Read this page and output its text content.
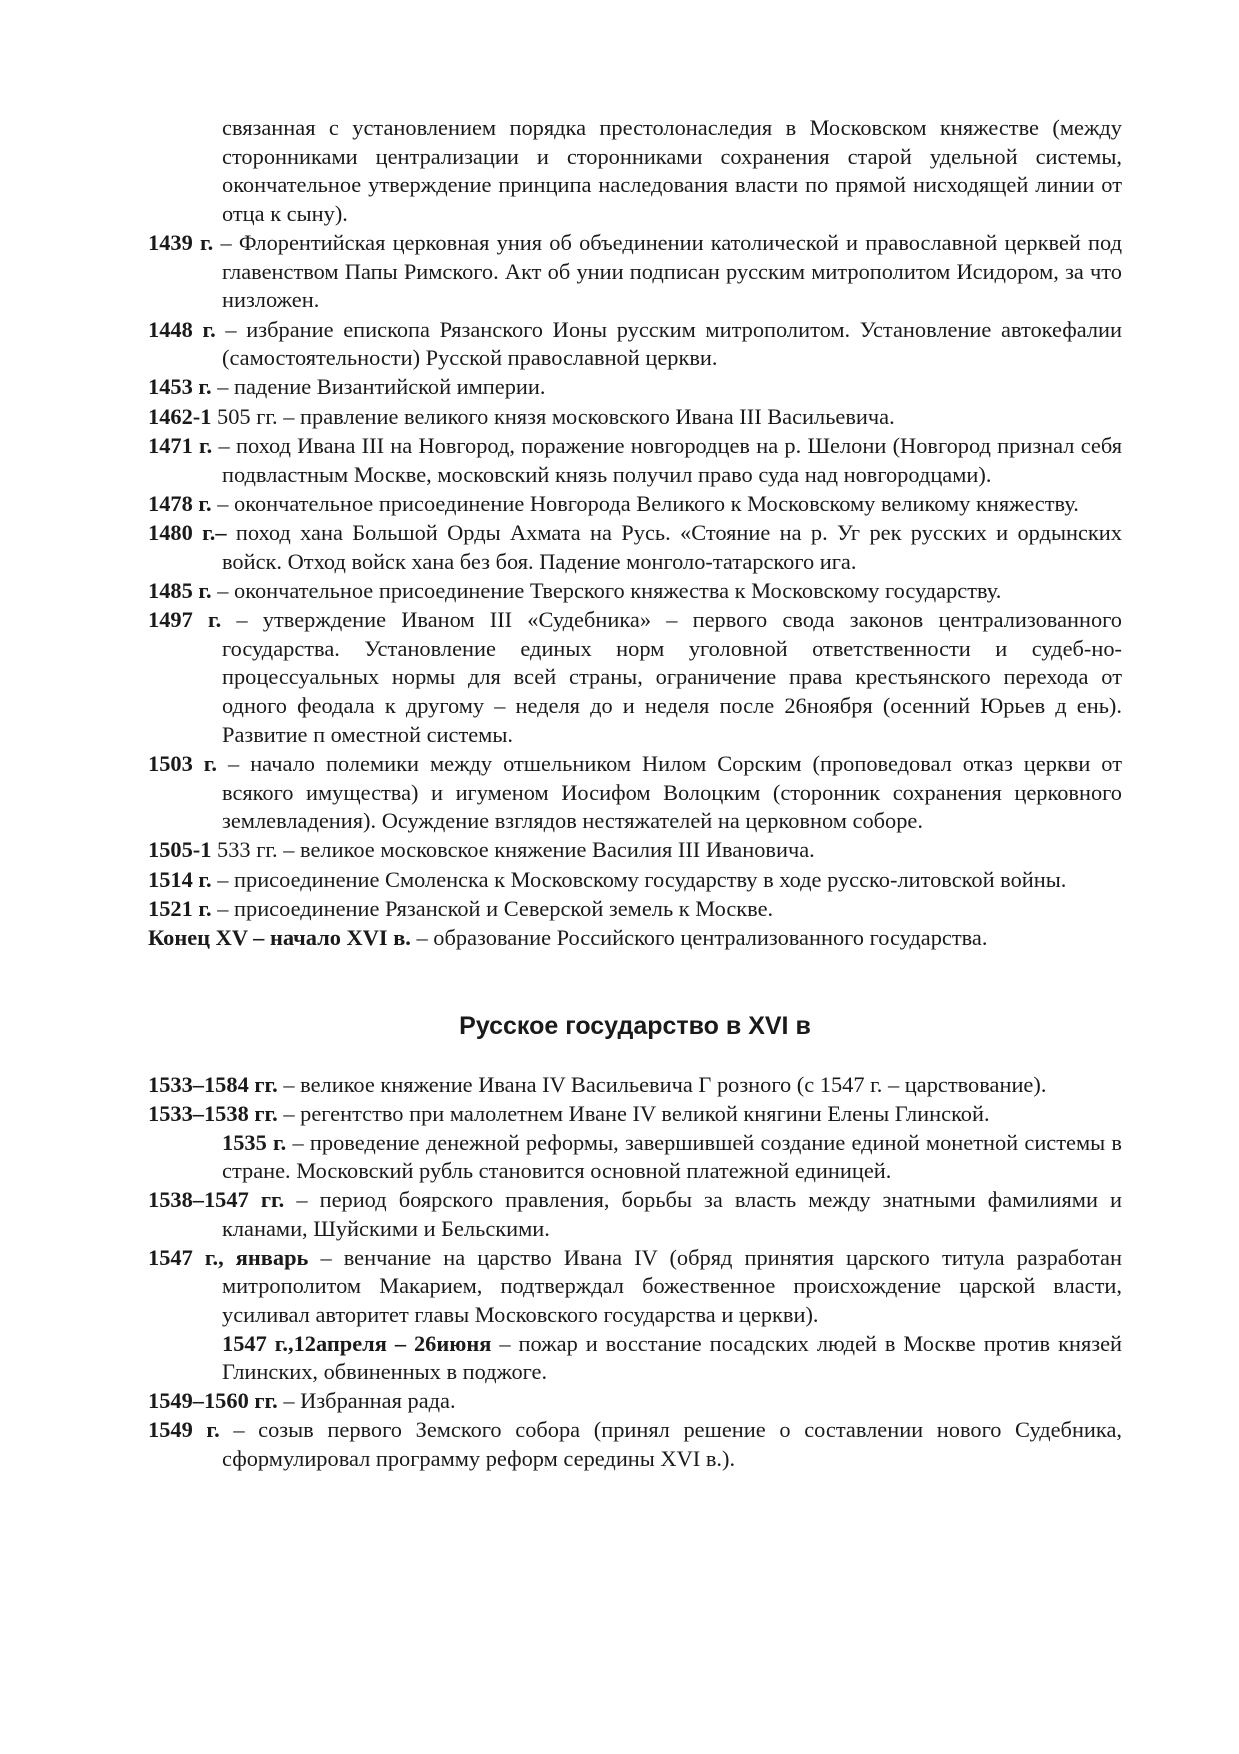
связанная с установлением порядка престолонаследия в Московском княжестве (между сторонниками централизации и сторонниками сохранения старой удельной системы, окончательное утверждение принципа наследования власти по прямой нисходящей линии от отца к сыну).

1439 г. – Флорентийская церковная уния об объединении католической и православной церквей под главенством Папы Римского. Акт об унии подписан русским митрополитом Исидором, за что низложен.

1448 г. – избрание епископа Рязанского Ионы русским митрополитом. Установление автокефалии (самостоятельности) Русской православной церкви.

1453 г. – падение Византийской империи.

1462-1 505 гг. – правление великого князя московского Ивана III Васильевича.

1471 г. – поход Ивана III на Новгород, поражение новгородцев на р. Шелони (Новгород признал себя подвластным Москве, московский князь получил право суда над новгородцами).

1478 г. – окончательное присоединение Новгорода Великого к Московскому великому княжеству.

1480 г.– поход хана Большой Орды Ахмата на Русь. «Стояние на р. Уг рек русских и ордынских войск. Отход войск хана без боя. Падение монголо-татарского ига.

1485 г. – окончательное присоединение Тверского княжества к Московскому государству.

1497 г. – утверждение Иваном III «Судебника» – первого свода законов централизованного государства. Установление единых норм уголовной ответственности и судеб-но-процессуальных нормы для всей страны, ограничение права крестьянского перехода от одного феодала к другому – неделя до и неделя после 26ноября (осенний Юрьев д ень). Развитие п оместной системы.

1503 г. – начало полемики между отшельником Нилом Сорским (проповедовал отказ церкви от всякого имущества) и игуменом Иосифом Волоцким (сторонник сохранения церковного землевладения). Осуждение взглядов нестяжателей на церковном соборе.

1505-1 533 гг. – великое московское княжение Василия III Ивановича.

1514 г. – присоединение Смоленска к Московскому государству в ходе русско-литовской войны.

1521 г. – присоединение Рязанской и Северской земель к Москве.

Конец XV – начало XVI в. – образование Российского централизованного государства.

Русское государство в XVI в

1533–1584 гг. – великое княжение Ивана IV Васильевича Г розного (с 1547 г. – царствование).

1533–1538 гг. – регентство при малолетнем Иване IV великой княгини Елены Глинской.

1535 г. – проведение денежной реформы, завершившей создание единой монетной системы в стране. Московский рубль становится основной платежной единицей.

1538–1547 гг. – период боярского правления, борьбы за власть между знатными фамилиями и кланами, Шуйскими и Бельскими.

1547 г., январь – венчание на царство Ивана IV (обряд принятия царского титула разработан митрополитом Макарием, подтверждал божественное происхождение царской власти, усиливал авторитет главы Московского государства и церкви).

1547 г.,12апреля – 26июня – пожар и восстание посадских людей в Москве против князей Глинских, обвиненных в поджоге.

1549–1560 гг. – Избранная рада.

1549 г. – созыв первого Земского собора (принял решение о составлении нового Судебника, сформулировал программу реформ середины XVI в.).
